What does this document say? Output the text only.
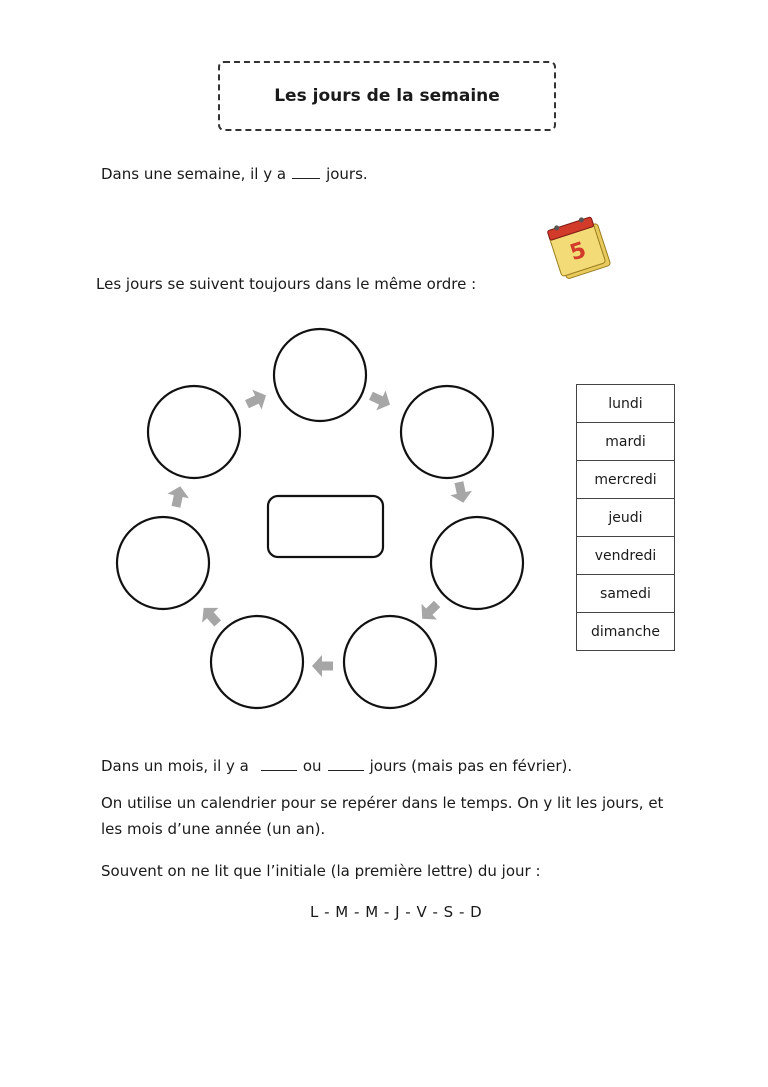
Les jours de la semaine
Dans une semaine, il y a	jours.
5
Les jours se suivent toujours dans le même ordre :
lundi
mardi
mercredi
jeudi
vendredi
samedi
dimanche
Dans un mois, il y a	ou	jours (mais pas en février).
On utilise un calendrier pour se repérer dans le temps. On y lit les jours, et les mois d’une année (un an).
Souvent on ne lit que l’initiale (la première lettre) du jour :
L - M - M - J - V - S - D
